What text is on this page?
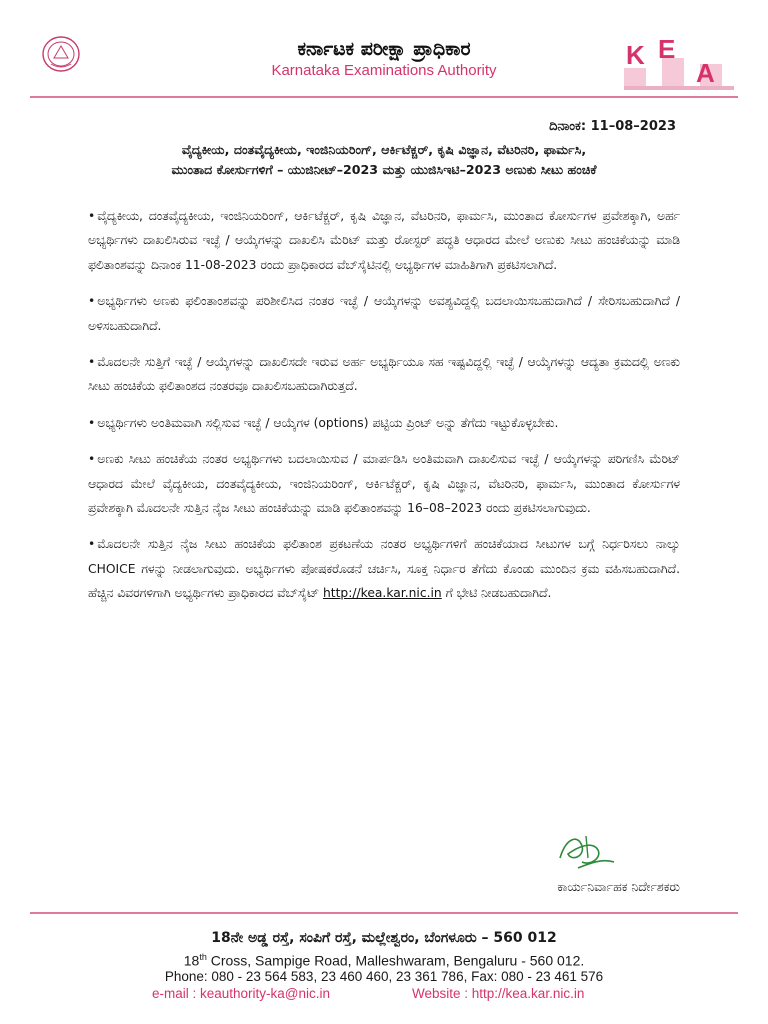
ಕರ್ನಾಟಕ ಪರೀಕ್ಷಾ ಪ್ರಾಧಿಕಾರ
Karnataka Examinations Authority
K E
A
ದಿನಾಂಕ: 11–08–2023
ವೈದ್ಯಕೀಯ, ದಂತವೈದ್ಯಕೀಯ, ಇಂಜಿನಿಯರಿಂಗ್, ಆರ್ಕಿಟೆಕ್ಚರ್, ಕೃಷಿ ವಿಜ್ಞಾನ, ವೆಟರಿನರಿ, ಫಾರ್ಮಸಿ,
ಮುಂತಾದ ಕೋರ್ಸುಗಳಿಗೆ – ಯುಜಿನೀಟ್–2023 ಮತ್ತು ಯುಜಿಸಿಇಟಿ–2023 ಅಣುಕು ಸೀಟು ಹಂಚಿಕೆ
• ವೈದ್ಯಕೀಯ, ದಂತವೈದ್ಯಕೀಯ, ಇಂಜಿನಿಯರಿಂಗ್, ಆರ್ಕಿಟೆಕ್ಚರ್, ಕೃಷಿ ವಿಜ್ಞಾನ, ವೆಟರಿನರಿ, ಫಾರ್ಮಸಿ, ಮುಂತಾದ ಕೋರ್ಸುಗಳ ಪ್ರವೇಶಕ್ಕಾಗಿ, ಅರ್ಹ ಅಭ್ಯರ್ಥಿಗಳು ದಾಖಲಿಸಿರುವ ಇಚ್ಛೆ / ಆಯ್ಕೆಗಳನ್ನು ದಾಖಲಿಸಿ ಮೆರಿಟ್ ಮತ್ತು ರೋಸ್ಟರ್ ಪದ್ಧತಿ ಆಧಾರದ ಮೇಲೆ ಅಣುಕು ಸೀಟು ಹಂಚಿಕೆಯನ್ನು ಮಾಡಿ ಫಲಿತಾಂಶವನ್ನು ದಿನಾಂಕ 11-08-2023 ರಂದು ಪ್ರಾಧಿಕಾರದ ವೆಬ್‌ಸೈಟಿನಲ್ಲಿ ಅಭ್ಯರ್ಥಿಗಳ ಮಾಹಿತಿಗಾಗಿ ಪ್ರಕಟಿಸಲಾಗಿದೆ.
• ಅಭ್ಯರ್ಥಿಗಳು ಅಣಕು ಫಲಿಂತಾಂಶವನ್ನು ಪರಿಶೀಲಿಸಿದ ನಂತರ ಇಚ್ಛೆ / ಆಯ್ಕೆಗಳನ್ನು ಅವಶ್ಯವಿದ್ದಲ್ಲಿ ಬದಲಾಯಿಸಬಹುದಾಗಿದೆ / ಸೇರಿಸಬಹುದಾಗಿದೆ / ಅಳಿಸಬಹುದಾಗಿದೆ.
• ಮೊದಲನೇ ಸುತ್ತಿಗೆ ಇಚ್ಛೆ / ಆಯ್ಕೆಗಳನ್ನು ದಾಖಲಿಸದೇ ಇರುವ ಅರ್ಹ ಅಭ್ಯರ್ಥಿಯೂ ಸಹ ಇಷ್ಟವಿದ್ದಲ್ಲಿ ಇಚ್ಛೆ / ಆಯ್ಕೆಗಳನ್ನು ಆದ್ಯತಾ ಕ್ರಮದಲ್ಲಿ ಅಣಕು ಸೀಟು ಹಂಚಿಕೆಯ ಫಲಿತಾಂಶದ ನಂತರವೂ ದಾಖಲಿಸಬಹುದಾಗಿರುತ್ತದೆ.
• ಅಭ್ಯರ್ಥಿಗಳು ಅಂತಿಮವಾಗಿ ಸಲ್ಲಿಸುವ ಇಚ್ಛೆ / ಆಯ್ಕೆಗಳ (options) ಪಟ್ಟಿಯ ಪ್ರಿಂಟ್ ಅನ್ನು ತೆಗೆದು ಇಟ್ಟುಕೊಳ್ಳಬೇಕು.
• ಅಣಕು ಸೀಟು ಹಂಚಿಕೆಯ ನಂತರ ಅಭ್ಯರ್ಥಿಗಳು ಬದಲಾಯಿಸುವ / ಮಾರ್ಪಡಿಸಿ ಅಂತಿಮವಾಗಿ ದಾಖಲಿಸುವ ಇಚ್ಛೆ / ಆಯ್ಕೆಗಳನ್ನು ಪರಿಗಣಿಸಿ ಮೆರಿಟ್ ಆಧಾರದ ಮೇಲೆ ವೈದ್ಯಕೀಯ, ದಂತವೈದ್ಯಕೀಯ, ಇಂಜಿನಿಯರಿಂಗ್, ಆರ್ಕಿಟೆಕ್ಚರ್, ಕೃಷಿ ವಿಜ್ಞಾನ, ವೆಟರಿನರಿ, ಫಾರ್ಮಸಿ, ಮುಂತಾದ ಕೋರ್ಸುಗಳ ಪ್ರವೇಶಕ್ಕಾಗಿ ಮೊದಲನೇ ಸುತ್ತಿನ ನೈಜ ಸೀಟು ಹಂಚಿಕೆಯನ್ನು ಮಾಡಿ ಫಲಿತಾಂಶವನ್ನು 16–08–2023 ರಂದು ಪ್ರಕಟಿಸಲಾಗುವುದು.
• ಮೊದಲನೇ ಸುತ್ತಿನ ನೈಜ ಸೀಟು ಹಂಚಿಕೆಯ ಫಲಿತಾಂಶ ಪ್ರಕಟಣೆಯ ನಂತರ ಅಭ್ಯರ್ಥಿಗಳಿಗೆ ಹಂಚಿಕೆಯಾದ ಸೀಟುಗಳ ಬಗ್ಗೆ ನಿರ್ಧರಿಸಲು ನಾಲ್ಕು CHOICE ಗಳನ್ನು ನೀಡಲಾಗುವುದು. ಅಭ್ಯರ್ಥಿಗಳು ಪೋಷಕರೊಡನೆ ಚರ್ಚಿಸಿ, ಸೂಕ್ತ ನಿರ್ಧಾರ ತೆಗೆದು ಕೊಂಡು ಮುಂದಿನ ಕ್ರಮ ವಹಿಸಬಹುದಾಗಿದೆ. ಹೆಚ್ಚಿನ ವಿವರಗಳಿಗಾಗಿ ಅಭ್ಯರ್ಥಿಗಳು ಪ್ರಾಧಿಕಾರದ ವೆಬ್‌ಸೈಟ್ http://kea.kar.nic.in ಗೆ ಭೇಟಿ ನೀಡಬಹುದಾಗಿದೆ.
ಕಾರ್ಯನಿರ್ವಾಹಕ ನಿರ್ದೇಶಕರು
18ನೇ ಅಡ್ಡ ರಸ್ತೆ, ಸಂಪಿಗೆ ರಸ್ತೆ, ಮಲ್ಲೇಶ್ವರಂ, ಬೆಂಗಳೂರು – 560 012
18th Cross, Sampige Road, Malleshwaram, Bengaluru - 560 012.
Phone: 080 - 23 564 583, 23 460 460, 23 361 786, Fax: 080 - 23 461 576
e-mail : keauthority-ka@nic.in	Website : http://kea.kar.nic.in
